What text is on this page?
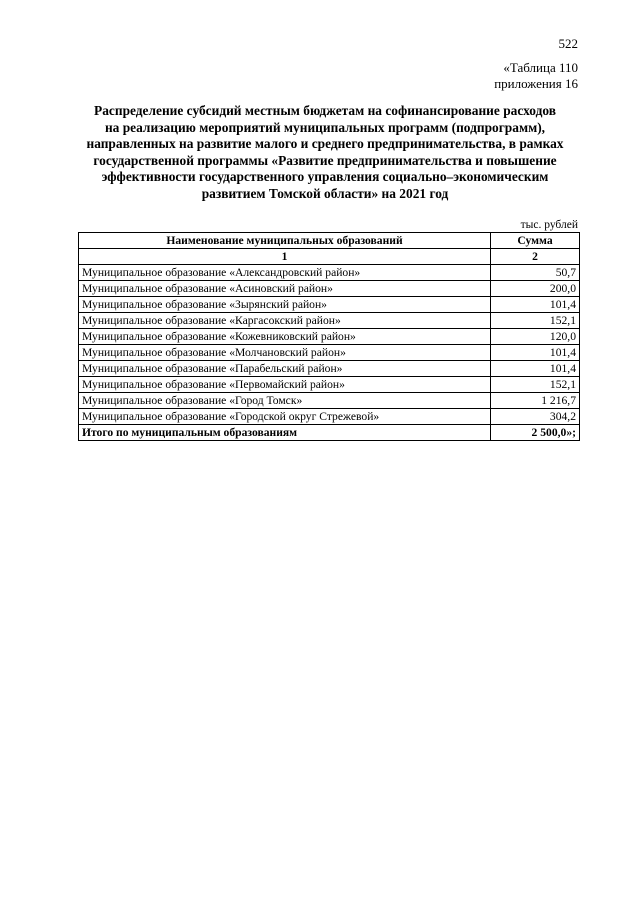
522
«Таблица 110
приложения 16
Распределение субсидий местным бюджетам на софинансирование расходов
на реализацию мероприятий муниципальных программ (подпрограмм),
направленных на развитие малого и среднего предпринимательства, в рамках
государственной программы «Развитие предпринимательства и повышение
эффективности государственного управления социально–экономическим
развитием Томской области» на 2021 год
тыс. рублей
Наименование муниципальных образований	Сумма
1	2
Муниципальное образование «Александровский район»	50,7
Муниципальное образование «Асиновский район»	200,0
Муниципальное образование «Зырянский район»	101,4
Муниципальное образование «Каргасокский район»	152,1
Муниципальное образование «Кожевниковский район»	120,0
Муниципальное образование «Молчановский район»	101,4
Муниципальное образование «Парабельский район»	101,4
Муниципальное образование «Первомайский район»	152,1
Муниципальное образование «Город Томск»	1 216,7
Муниципальное образование «Городской округ Стрежевой»	304,2
Итого по муниципальным образованиям	2 500,0»;
